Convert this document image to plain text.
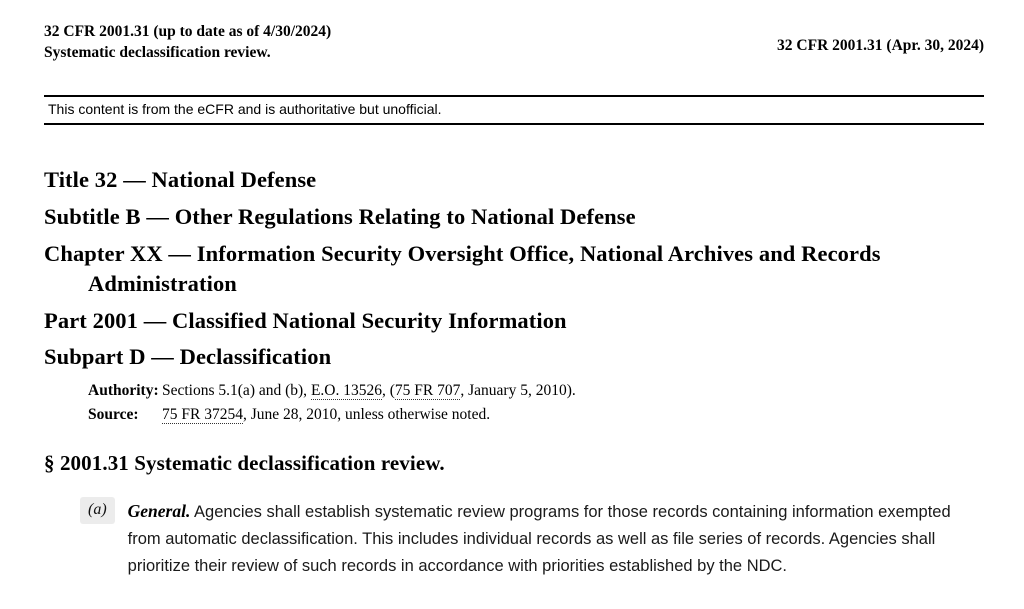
32 CFR 2001.31 (up to date as of 4/30/2024)
Systematic declassification review.	32 CFR 2001.31 (Apr. 30, 2024)
This content is from the eCFR and is authoritative but unofficial.
Title 32 — National Defense
Subtitle B — Other Regulations Relating to National Defense
Chapter XX — Information Security Oversight Office, National Archives and Records
Administration
Part 2001 — Classified National Security Information
Subpart D — Declassification
Authority: Sections 5.1(a) and (b), E.O. 13526, (75 FR 707, January 5, 2010).
Source: 75 FR 37254, June 28, 2010, unless otherwise noted.
§ 2001.31 Systematic declassification review.
(a)	General. Agencies shall establish systematic review programs for those records containing information exempted from automatic declassification. This includes individual records as well as file series of records. Agencies shall prioritize their review of such records in accordance with priorities established by the NDC.
